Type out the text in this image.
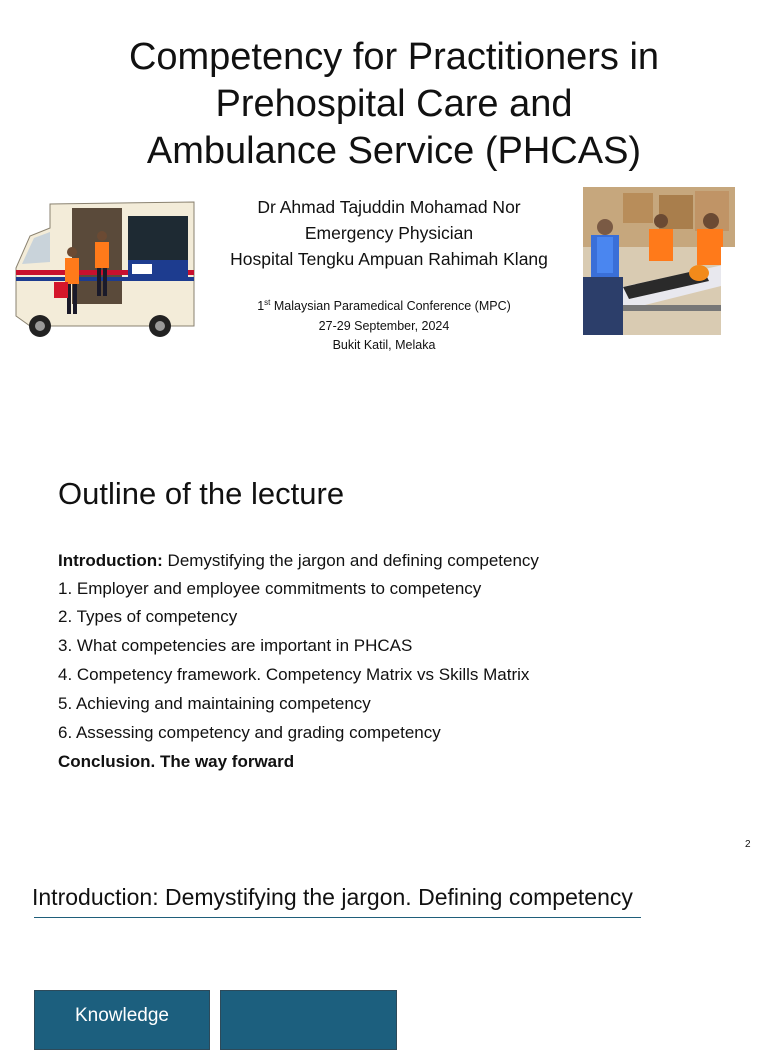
Competency for Practitioners in
Prehospital Care and
Ambulance Service (PHCAS)
Dr Ahmad Tajuddin Mohamad Nor
Emergency Physician
Hospital Tengku Ampuan Rahimah Klang
1st Malaysian Paramedical Conference (MPC)
27-29 September, 2024
Bukit Katil, Melaka
Outline of the lecture
Introduction: Demystifying the jargon and defining competency
1. Employer and employee commitments to competency
2. Types of competency
3. What competencies are important in PHCAS
4. Competency framework. Competency Matrix vs Skills Matrix
5. Achieving and maintaining competency
6. Assessing competency and grading competency
Conclusion. The way forward
2
Introduction: Demystifying the jargon. Defining competency
Knowledge
